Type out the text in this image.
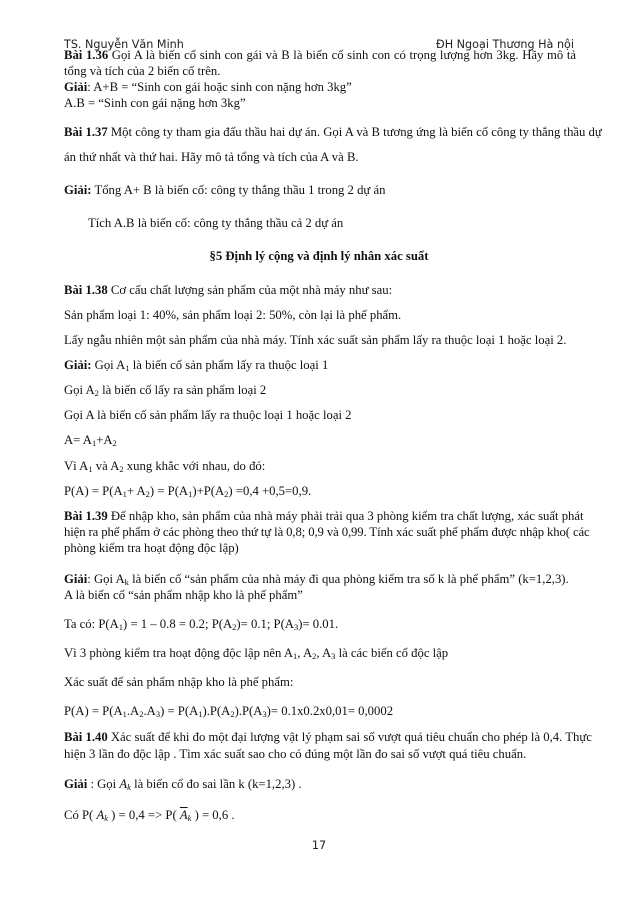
TS. Nguyễn Văn Minh	ĐH Ngoại Thương Hà nội
Bài 1.36 Gọi A là biến cố sinh con gái và B là biến cố sinh con có trọng lượng hơn 3kg. Hãy mô tả
tổng và tích của 2 biến cố trên.
Giải: A+B = “Sinh con gái hoặc sinh con nặng hơn 3kg”
A.B = “Sinh con gái nặng hơn 3kg”
Bài 1.37 Một công ty tham gia đấu thầu hai dự án. Gọi A và B tương ứng là biến cố công ty thắng thầu dự
án thứ nhất và thứ hai. Hãy mô tả tổng và tích của A và B.
Giải: Tổng A+ B là biến cố: công ty thắng thầu 1 trong 2 dự án
Tích A.B là biến cố: công ty thắng thầu cả 2 dự án
§5 Định lý cộng và định lý nhân xác suất
Bài 1.38 Cơ cấu chất lượng sản phẩm của một nhà máy như sau:
Sản phẩm loại 1: 40%, sản phẩm loại 2: 50%, còn lại là phế phẩm.
Lấy ngẫu nhiên một sản phẩm của nhà máy. Tính xác suất sản phẩm lấy ra thuộc loại 1 hoặc loại 2.
Giải: Gọi $A_1$ là biến cố sản phẩm lấy ra thuộc loại 1
Gọi $A_2$ là biến cố lấy ra sản phẩm loại 2
Gọi A là biến cố sản phẩm lấy ra thuộc loại 1 hoặc loại 2
$A= A_1+A_2$
Vì $A_1$ và $A_2$ xung khắc với nhau, do đó:
$P(A) = P(A_1+ A_2) = P(A_1)+P(A_2) =0,4 +0,5=0,9$.
Bài 1.39 Để nhập kho, sản phẩm của nhà máy phải trải qua 3 phòng kiểm tra chất lượng, xác suất phát
hiện ra phế phẩm ở các phòng theo thứ tự là 0,8; 0,9 và 0,99. Tính xác suất phế phẩm được nhập kho( các
phòng kiểm tra hoạt động độc lập)
Giải: Gọi $A_k$ là biến cố “sản phẩm của nhà máy đi qua phòng kiểm tra số k là phế phẩm” (k=1,2,3).
A là biến cố “sản phẩm nhập kho là phế phẩm”
Ta có: $P(A_1) = 1 - 0.8 = 0.2$; $P(A_2)= 0.1$; $P(A_3)= 0.01$.
Vì 3 phòng kiểm tra hoạt động độc lập nên $A_1$, $A_2$, $A_3$ là các biến cố độc lập
Xác suất để sản phẩm nhập kho là phế phẩm:
$P(A) = P(A_1.A_2.A_3) = P(A_1).P(A_2).P(A_3)= 0.1x0.2x0,01= 0,0002$
Bài 1.40 Xác suất để khi đo một đại lượng vật lý phạm sai số vượt quá tiêu chuẩn cho phép là 0,4. Thực
hiện 3 lần đo độc lập . Tìm xác suất sao cho có đúng một lần đo sai số vượt quá tiêu chuẩn.
Giải : Gọi $A_k$ là biến cố đo sai lần k (k=1,2,3) .
Có P( $A_k$ ) = 0,4 => P( $\overline{A}_k$ ) = 0,6 .
17
